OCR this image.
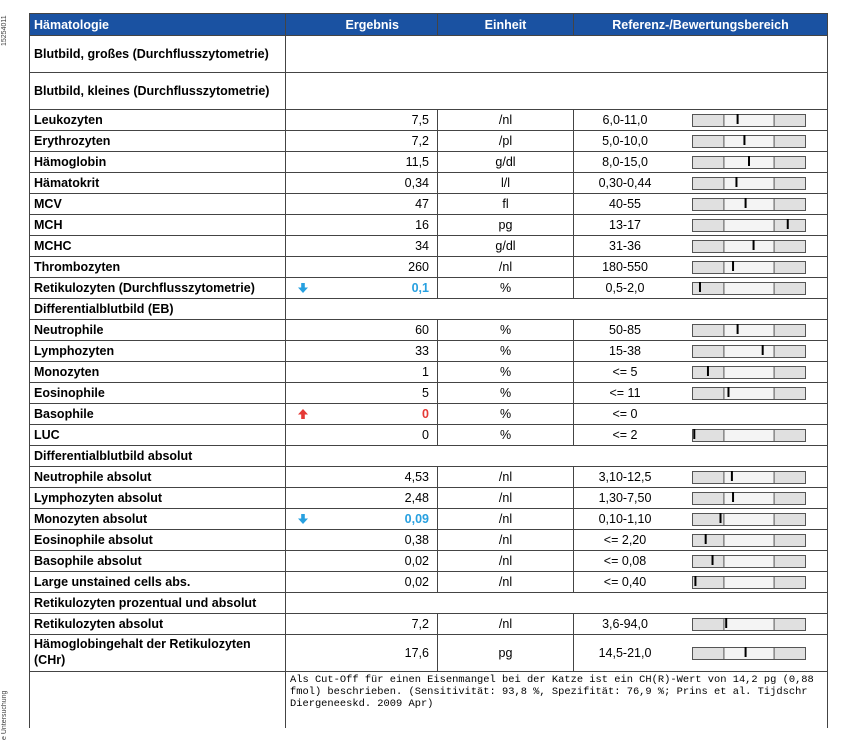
15254011
e Untersuchung
Hämatologie		Ergebnis	Einheit	Referenz-/Bewertungsbereich
Blutbild, großes (Durchflusszytometrie)				
Blutbild, kleines (Durchflusszytometrie)				
Leukozyten		7,5	/nl	6,0-11,0
Erythrozyten		7,2	/pl	5,0-10,0
Hämoglobin		11,5	g/dl	8,0-15,0
Hämatokrit		0,34	l/l	0,30-0,44
MCV		47	fl	40-55
MCH		16	pg	13-17
MCHC		34	g/dl	31-36
Thrombozyten		260	/nl	180-550
Retikulozyten (Durchflusszytometrie)		0,1	%	0,5-2,0
Differentialblutbild (EB)				
Neutrophile		60	%	50-85
Lymphozyten		33	%	15-38
Monozyten		1	%	<= 5
Eosinophile		5	%	<= 11
Basophile		0	%	<= 0
LUC		0	%	<= 2
Differentialblutbild absolut				
Neutrophile absolut		4,53	/nl	3,10-12,5
Lymphozyten absolut		2,48	/nl	1,30-7,50
Monozyten absolut		0,09	/nl	0,10-1,10
Eosinophile absolut		0,38	/nl	<= 2,20
Basophile absolut		0,02	/nl	<= 0,08
Large unstained cells abs.		0,02	/nl	<= 0,40
Retikulozyten prozentual und absolut				
Retikulozyten absolut		7,2	/nl	3,6-94,0
Hämoglobingehalt der Retikulozyten (CHr)		17,6	pg	14,5-21,0
	Als Cut-Off für einen Eisenmangel bei der Katze ist ein CH(R)-Wert von 14,2 pg (0,88 fmol) beschrieben. (Sensitivität: 93,8 %, Spezifität: 76,9 %; Prins et al. Tijdschr Diergeneeskd. 2009 Apr)			
